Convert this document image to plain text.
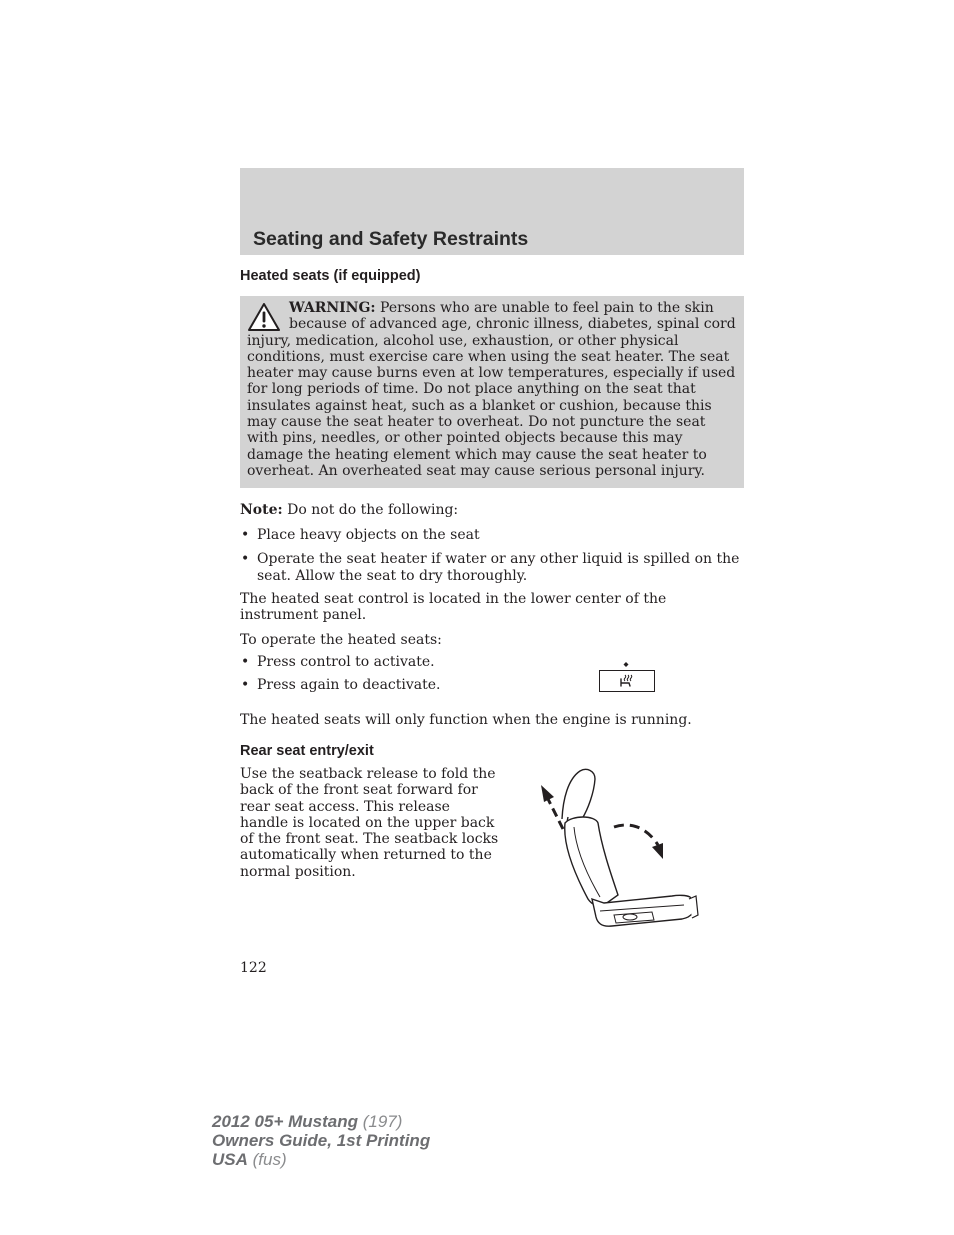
Seating and Safety Restraints
Heated seats (if equipped)

WARNING: Persons who are unable to feel pain to the skin because of advanced age, chronic illness, diabetes, spinal cord injury, medication, alcohol use, exhaustion, or other physical conditions, must exercise care when using the seat heater. The seat heater may cause burns even at low temperatures, especially if used for long periods of time. Do not place anything on the seat that insulates against heat, such as a blanket or cushion, because this may cause the seat heater to overheat. Do not puncture the seat with pins, needles, or other pointed objects because this may damage the heating element which may cause the seat heater to overheat. An overheated seat may cause serious personal injury.

Note: Do not do the following:

• Place heavy objects on the seat
• Operate the seat heater if water or any other liquid is spilled on the seat. Allow the seat to dry thoroughly.

The heated seat control is located in the lower center of the instrument panel.

To operate the heated seats:

• Press control to activate.
• Press again to deactivate.

The heated seats will only function when the engine is running.

Rear seat entry/exit

Use the seatback release to fold the back of the front seat forward for rear seat access. This release handle is located on the upper back of the front seat. The seatback locks automatically when returned to the normal position.

122
2012 05+ Mustang (197)
Owners Guide, 1st Printing
USA (fus)
